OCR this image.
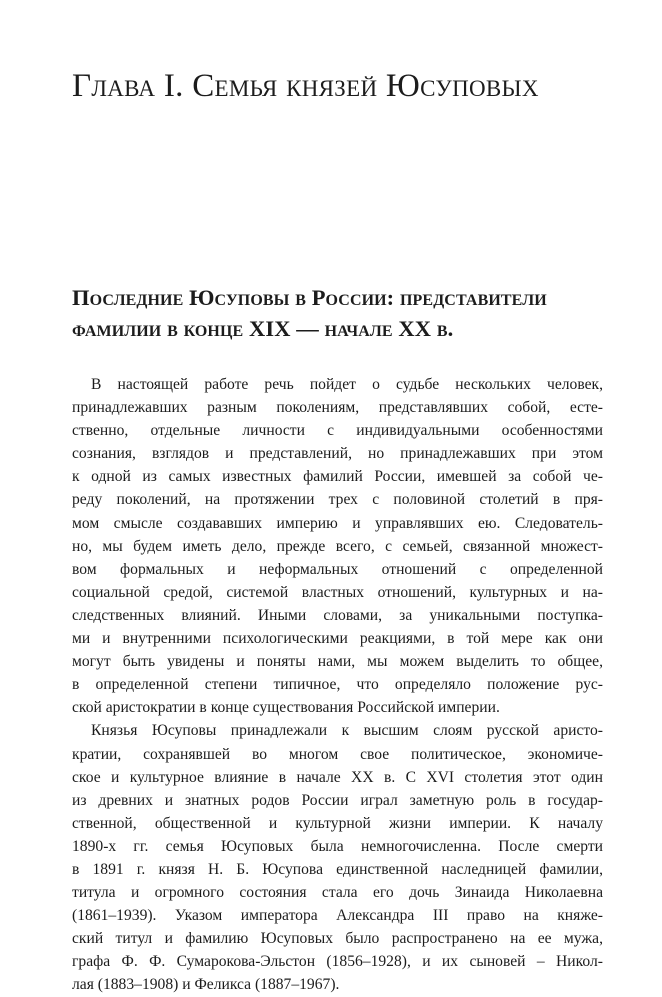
Глава I. Семья князей Юсуповых
Последние Юсуповы в России: представители
фамилии в конце XIX — начале XX в.

В настоящей работе речь пойдет о судьбе нескольких человек,
принадлежавших разным поколениям, представлявших собой, есте-
ственно, отдельные личности с индивидуальными особенностями
сознания, взглядов и представлений, но принадлежавших при этом
к одной из самых известных фамилий России, имевшей за собой че-
реду поколений, на протяжении трех с половиной столетий в пря-
мом смысле создававших империю и управлявших ею. Следователь-
но, мы будем иметь дело, прежде всего, с семьей, связанной множест-
вом формальных и неформальных отношений с определенной
социальной средой, системой властных отношений, культурных и на-
следственных влияний. Иными словами, за уникальными поступка-
ми и внутренними психологическими реакциями, в той мере как они
могут быть увидены и поняты нами, мы можем выделить то общее,
в определенной степени типичное, что определяло положение рус-
ской аристократии в конце существования Российской империи.

Князья Юсуповы принадлежали к высшим слоям русской аристо-
кратии, сохранявшей во многом свое политическое, экономиче-
ское и культурное влияние в начале XX в. С XVI столетия этот один
из древних и знатных родов России играл заметную роль в государ-
ственной, общественной и культурной жизни империи. К началу
1890-х гг. семья Юсуповых была немногочисленна. После смерти
в 1891 г. князя Н. Б. Юсупова единственной наследницей фамилии,
титула и огромного состояния стала его дочь Зинаида Николаевна
(1861–1939). Указом императора Александра III право на княже-
ский титул и фамилию Юсуповых было распространено на ее мужа,
графа Ф. Ф. Сумарокова-Эльстон (1856–1928), и их сыновей – Никол-
лая (1883–1908) и Феликса (1887–1967).
